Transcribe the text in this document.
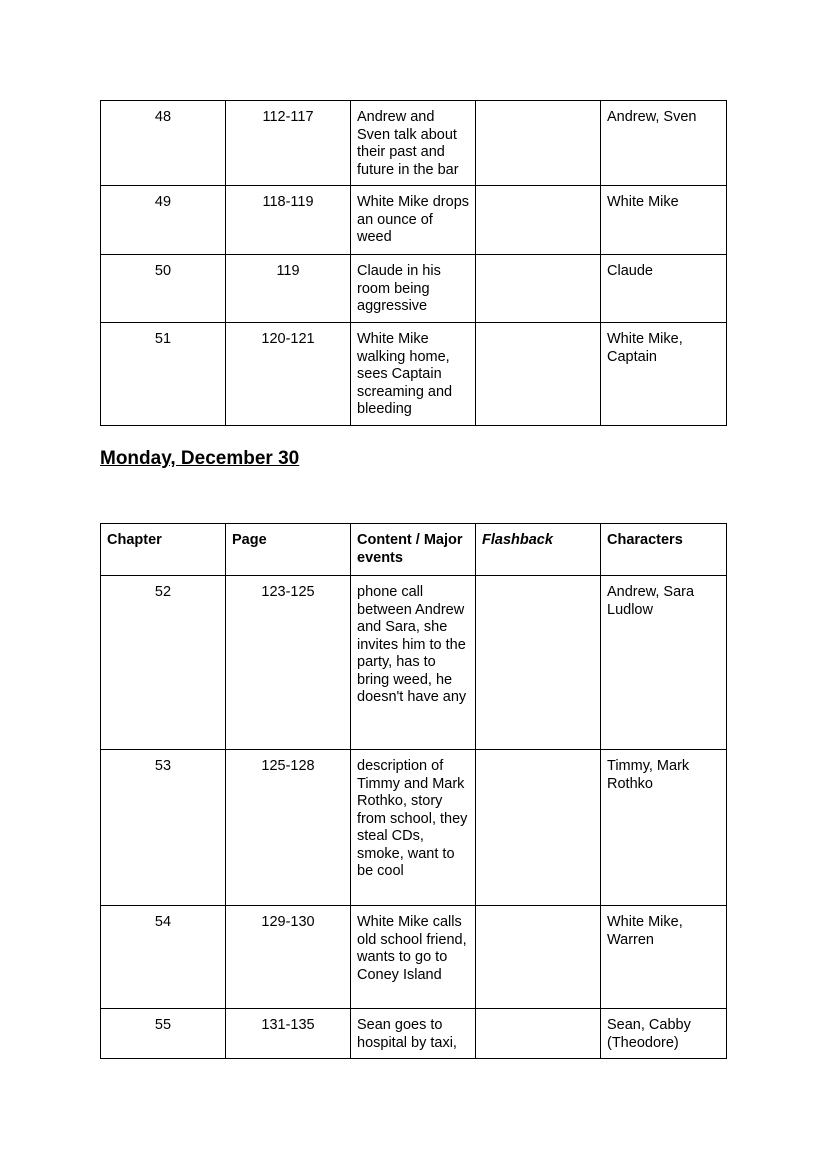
48	112-117	Andrew and Sven talk about their past and future in the bar		Andrew, Sven
49	118-119	White Mike drops an ounce of weed		White Mike
50	119	Claude in his room being aggressive		Claude
51	120-121	White Mike walking home, sees Captain screaming and bleeding		White Mike, Captain
Monday, December 30
Chapter	Page	Content / Major events	Flashback	Characters
52	123-125	phone call between Andrew and Sara, she invites him to the party, has to bring weed, he doesn't have any		Andrew, Sara Ludlow
53	125-128	description of Timmy and Mark Rothko, story from school, they steal CDs, smoke, want to be cool		Timmy, Mark Rothko
54	129-130	White Mike calls old school friend, wants to go to Coney Island		White Mike, Warren
55	131-135	Sean goes to hospital by taxi,		Sean, Cabby (Theodore)
